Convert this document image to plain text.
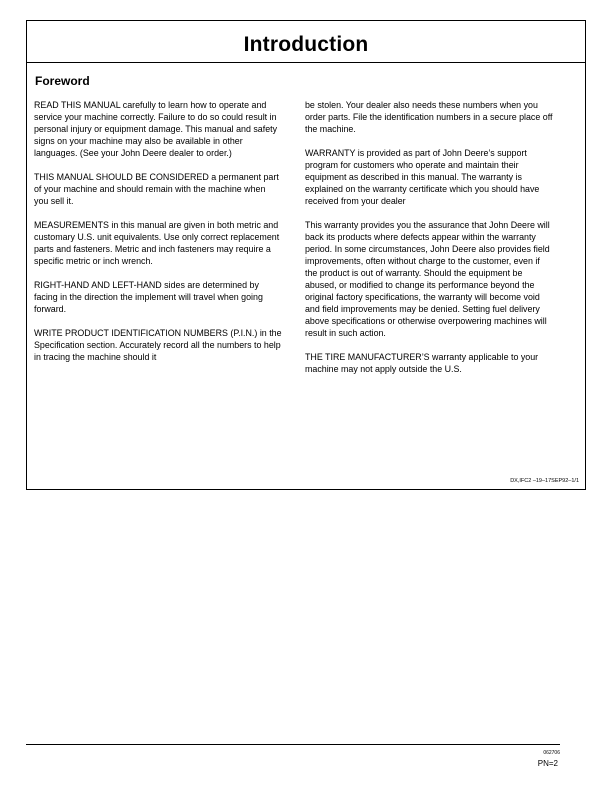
Introduction
Foreword

READ THIS MANUAL carefully to learn how to operate and service your machine correctly. Failure to do so could result in personal injury or equipment damage. This manual and safety signs on your machine may also be available in other languages. (See your John Deere dealer to order.)

THIS MANUAL SHOULD BE CONSIDERED a permanent part of your machine and should remain with the machine when you sell it.

MEASUREMENTS in this manual are given in both metric and customary U.S. unit equivalents. Use only correct replacement parts and fasteners. Metric and inch fasteners may require a specific metric or inch wrench.

RIGHT-HAND AND LEFT-HAND sides are determined by facing in the direction the implement will travel when going forward.

WRITE PRODUCT IDENTIFICATION NUMBERS (P.I.N.) in the Specification section. Accurately record all the numbers to help in tracing the machine should it

be stolen. Your dealer also needs these numbers when you order parts. File the identification numbers in a secure place off the machine.

WARRANTY is provided as part of John Deere’s support program for customers who operate and maintain their equipment as described in this manual. The warranty is explained on the warranty certificate which you should have received from your dealer

This warranty provides you the assurance that John Deere will back its products where defects appear within the warranty period. In some circumstances, John Deere also provides field improvements, often without charge to the customer, even if the product is out of warranty. Should the equipment be abused, or modified to change its performance beyond the original factory specifications, the warranty will become void and field improvements may be denied. Setting fuel delivery above specifications or otherwise overpowering machines will result in such action.

THE TIRE MANUFACTURER’S warranty applicable to your machine may not apply outside the U.S.

DX,IFC2 –19–17SEP92–1/1
062706
PN=2
